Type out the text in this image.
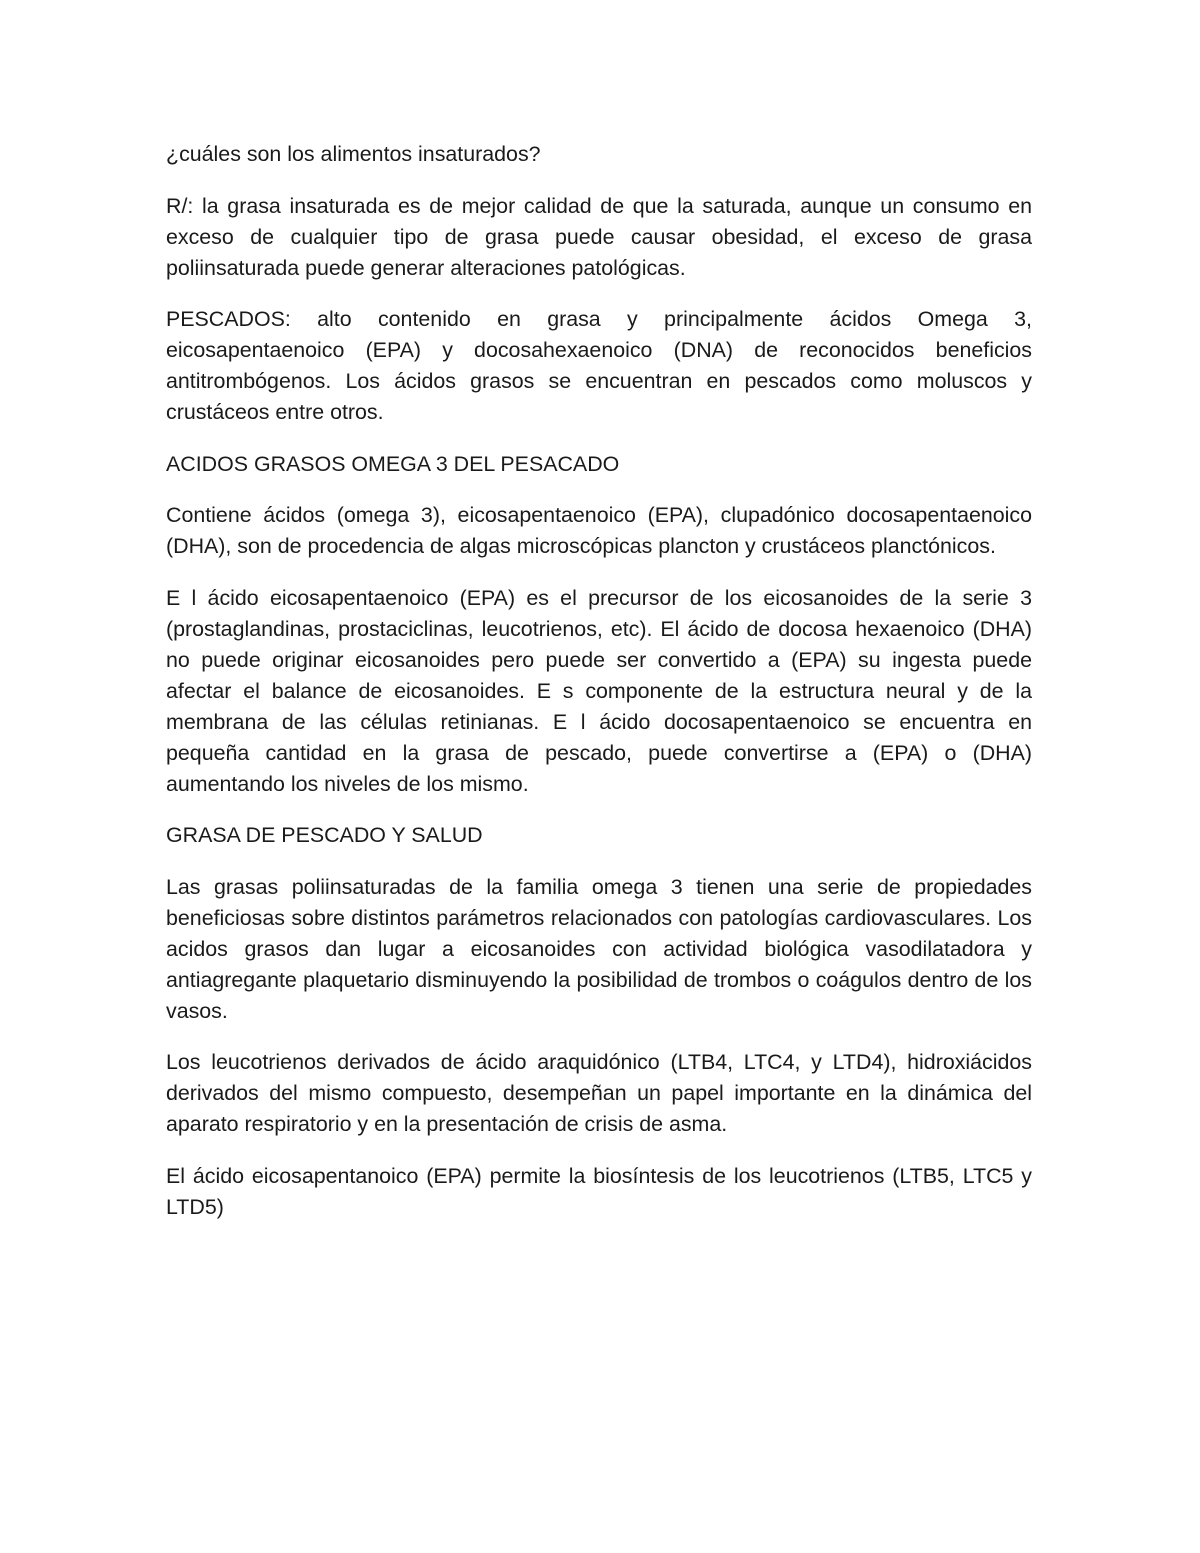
¿cuáles son los alimentos insaturados?

R/: la grasa insaturada es de mejor calidad de que la saturada, aunque un consumo en exceso de cualquier tipo de grasa puede causar obesidad, el exceso de grasa poliinsaturada puede generar alteraciones patológicas.

PESCADOS: alto contenido en grasa y principalmente ácidos Omega 3, eicosapentaenoico (EPA) y docosahexaenoico (DNA) de reconocidos beneficios antitrombógenos. Los ácidos grasos se encuentran en pescados como moluscos y crustáceos entre otros.

ACIDOS GRASOS OMEGA 3 DEL PESACADO

Contiene ácidos (omega 3), eicosapentaenoico (EPA), clupadónico docosapentaenoico (DHA), son de procedencia de algas microscópicas plancton y crustáceos planctónicos.

E l ácido eicosapentaenoico (EPA) es el precursor de los eicosanoides de la serie 3 (prostaglandinas, prostaciclinas, leucotrienos, etc). El ácido de docosa hexaenoico (DHA) no puede originar eicosanoides pero puede ser convertido a (EPA) su ingesta puede afectar el balance de eicosanoides. E s componente de la estructura neural y de la membrana de las células retinianas. E l ácido docosapentaenoico se encuentra en pequeña cantidad en la grasa de pescado, puede convertirse a (EPA) o (DHA) aumentando los niveles de los mismo.

GRASA DE PESCADO Y SALUD

Las grasas poliinsaturadas de la familia omega 3 tienen una serie de propiedades beneficiosas sobre distintos parámetros relacionados con patologías cardiovasculares. Los acidos grasos dan lugar a eicosanoides con actividad biológica vasodilatadora y antiagregante plaquetario disminuyendo la posibilidad de trombos o coágulos dentro de los vasos.

Los leucotrienos derivados de ácido araquidónico (LTB4, LTC4, y LTD4), hidroxiácidos derivados del mismo compuesto, desempeñan un papel importante en la dinámica del aparato respiratorio y en la presentación de crisis de asma.

El ácido eicosapentanoico (EPA) permite la biosíntesis de los leucotrienos (LTB5, LTC5 y LTD5)
